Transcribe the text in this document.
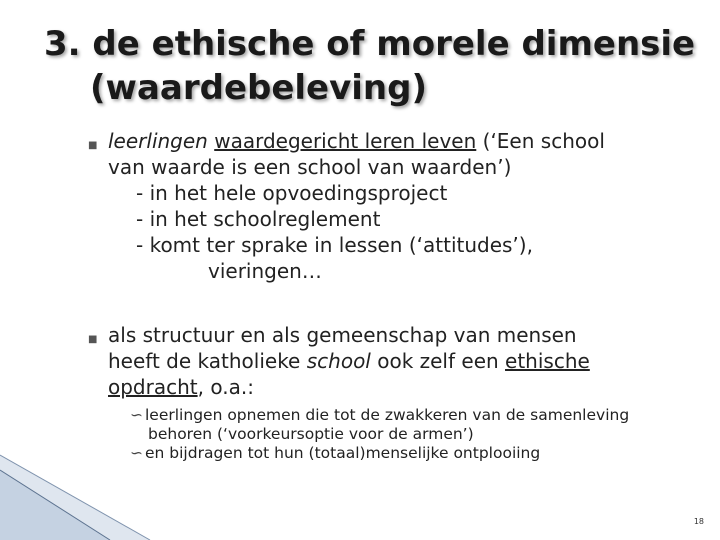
3. de ethische of morele dimensie
(waardebeleving)
■︎ leerlingen waardegericht leren leven (‘Een school
van waarde is een school van waarden’)
- in het hele opvoedingsproject
- in het schoolreglement
- komt ter sprake in lessen (‘attitudes’),
vieringen…
■︎ als structuur en als gemeenschap van mensen
heeft de katholieke school ook zelf een ethische
opdracht, o.a.:
∽ leerlingen opnemen die tot de zwakkeren van de samenleving
behoren (‘voorkeursoptie voor de armen’)
∽ en bijdragen tot hun (totaal)menselijke ontplooiing
18
